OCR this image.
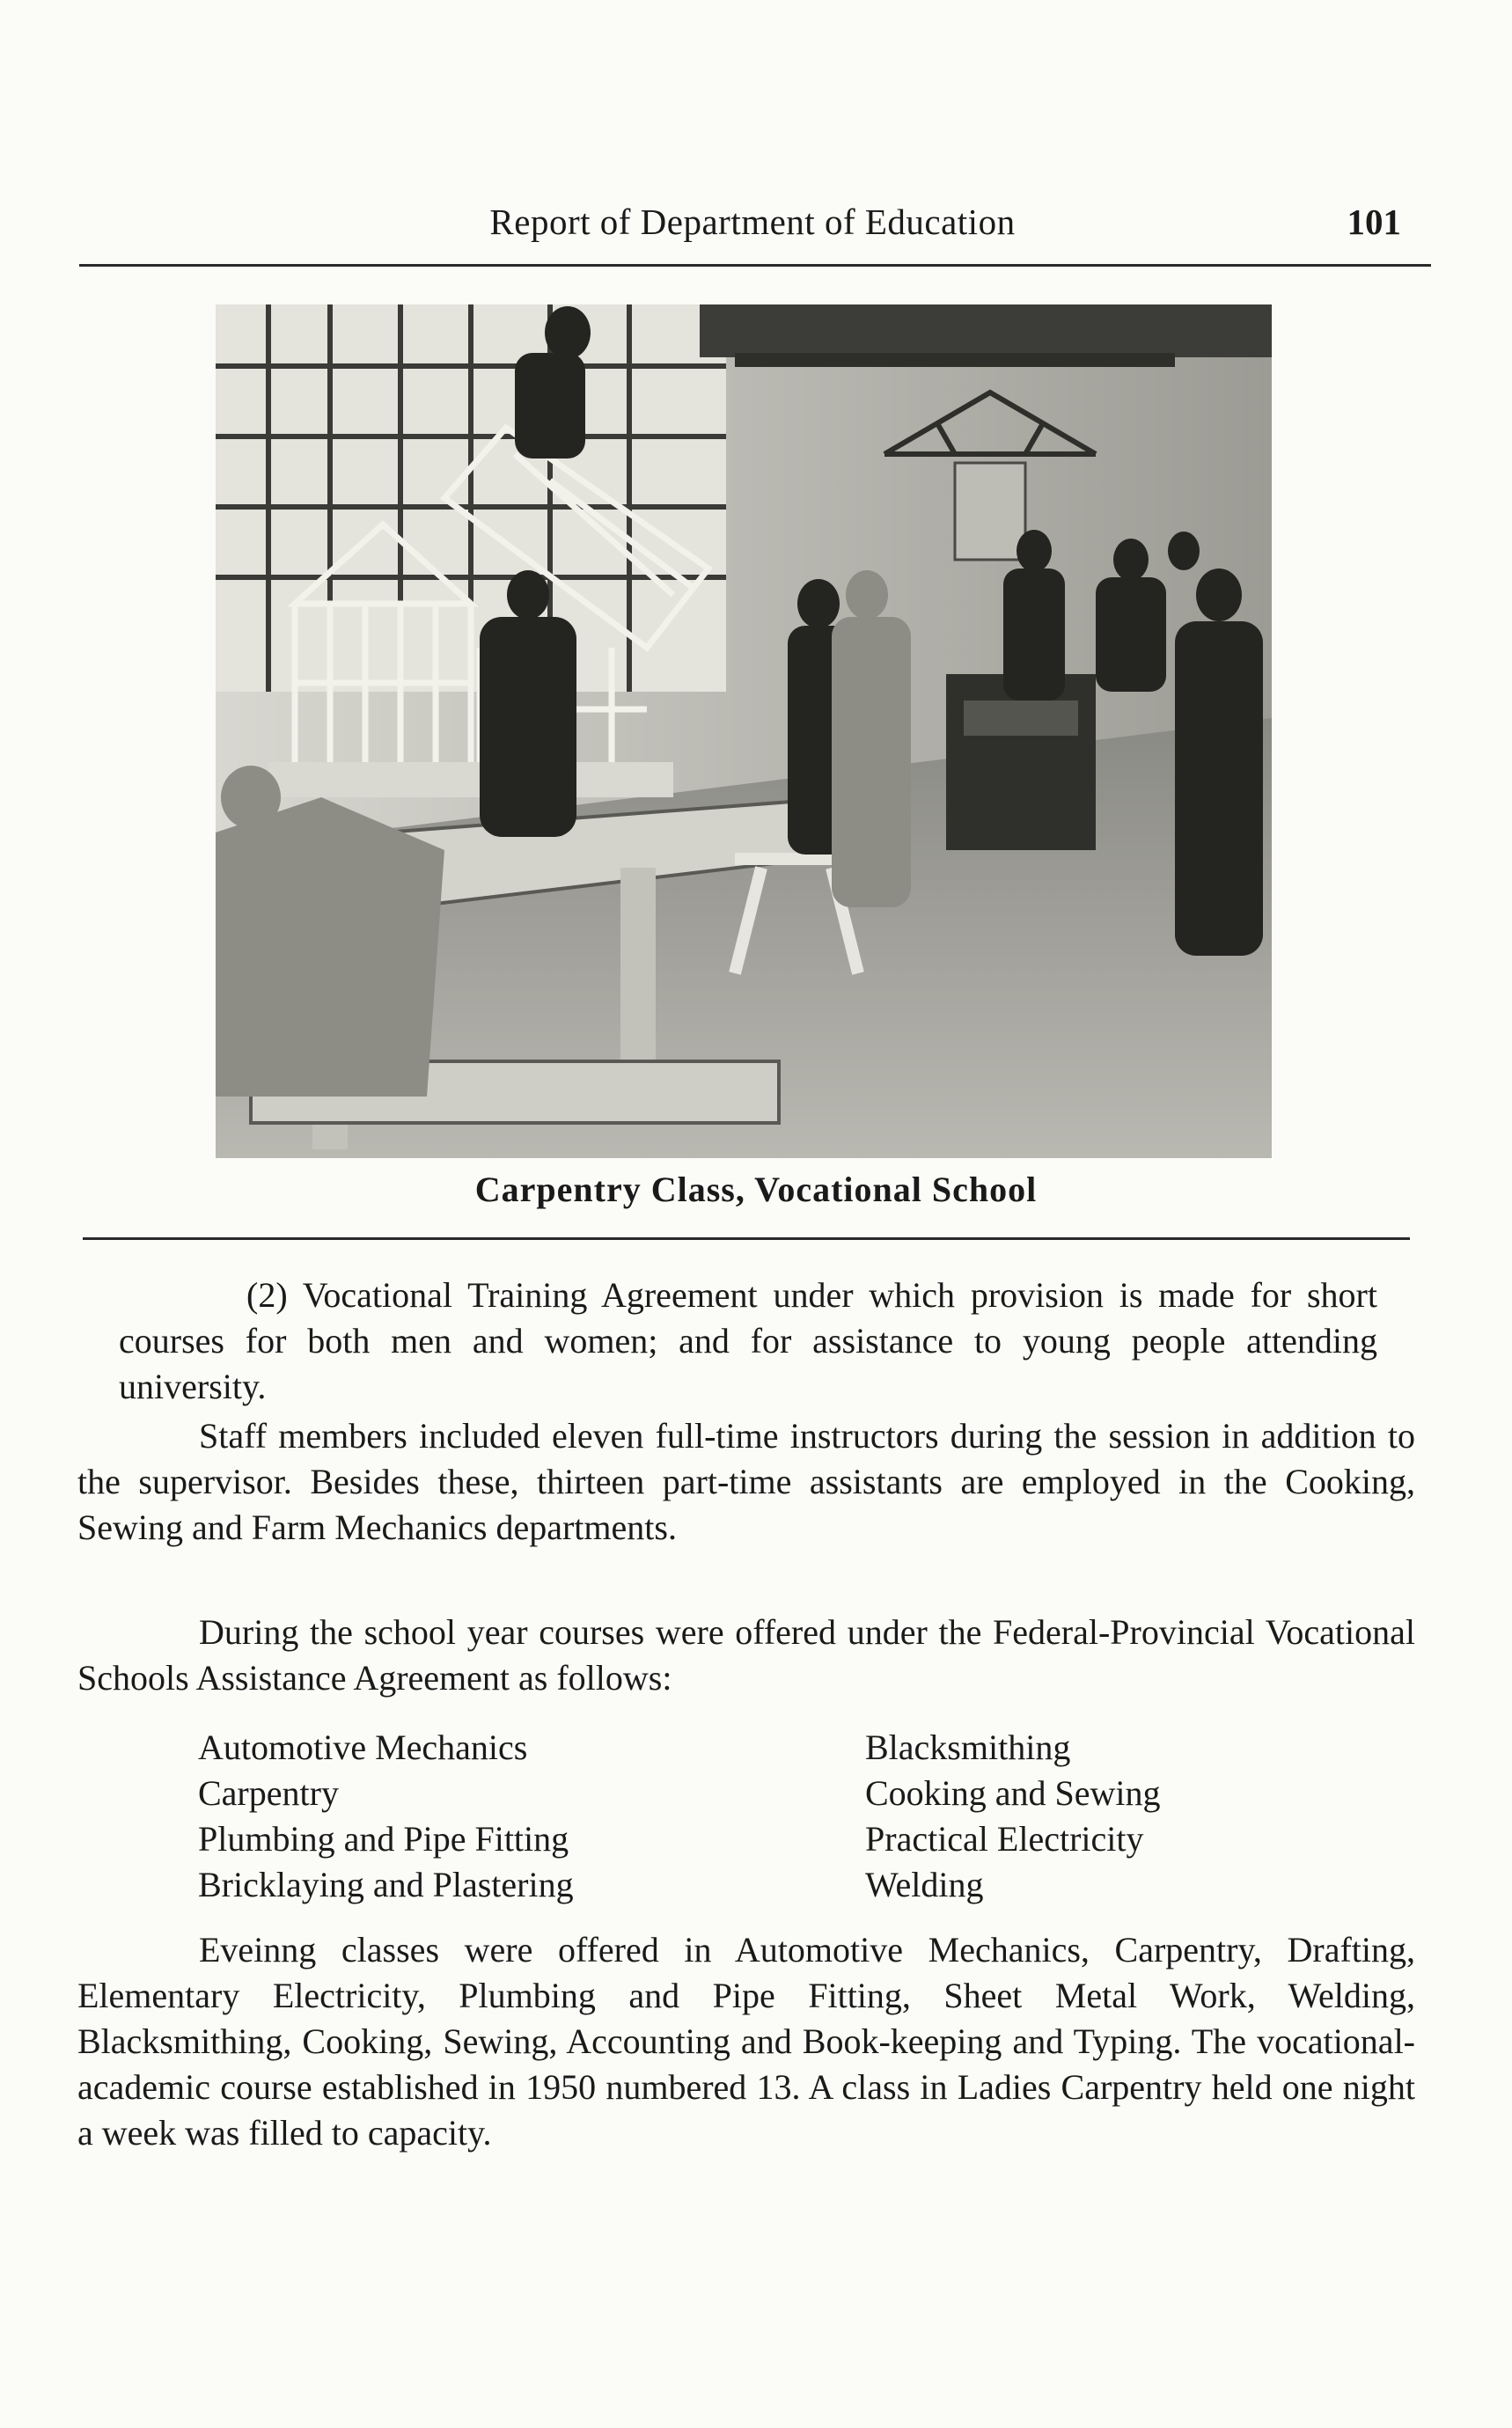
Report of Department of Education	101
Carpentry Class, Vocational School
(2) Vocational Training Agreement under which provision is made for short courses for both men and women; and for assistance to young people attending university.
Staff members included eleven full-time instructors during the session in addition to the supervisor. Besides these, thirteen part-time assistants are employed in the Cooking, Sewing and Farm Mechanics departments.
During the school year courses were offered under the Federal-Provincial Vocational Schools Assistance Agreement as follows:
Automotive Mechanics	Blacksmithing
Carpentry	Cooking and Sewing
Plumbing and Pipe Fitting	Practical Electricity
Bricklaying and Plastering	Welding
Eveinng classes were offered in Automotive Mechanics, Carpentry, Drafting, Elementary Electricity, Plumbing and Pipe Fitting, Sheet Metal Work, Welding, Blacksmithing, Cooking, Sewing, Accounting and Book-keeping and Typing. The vocational-academic course established in 1950 numbered 13. A class in Ladies Carpentry held one night a week was filled to capacity.
